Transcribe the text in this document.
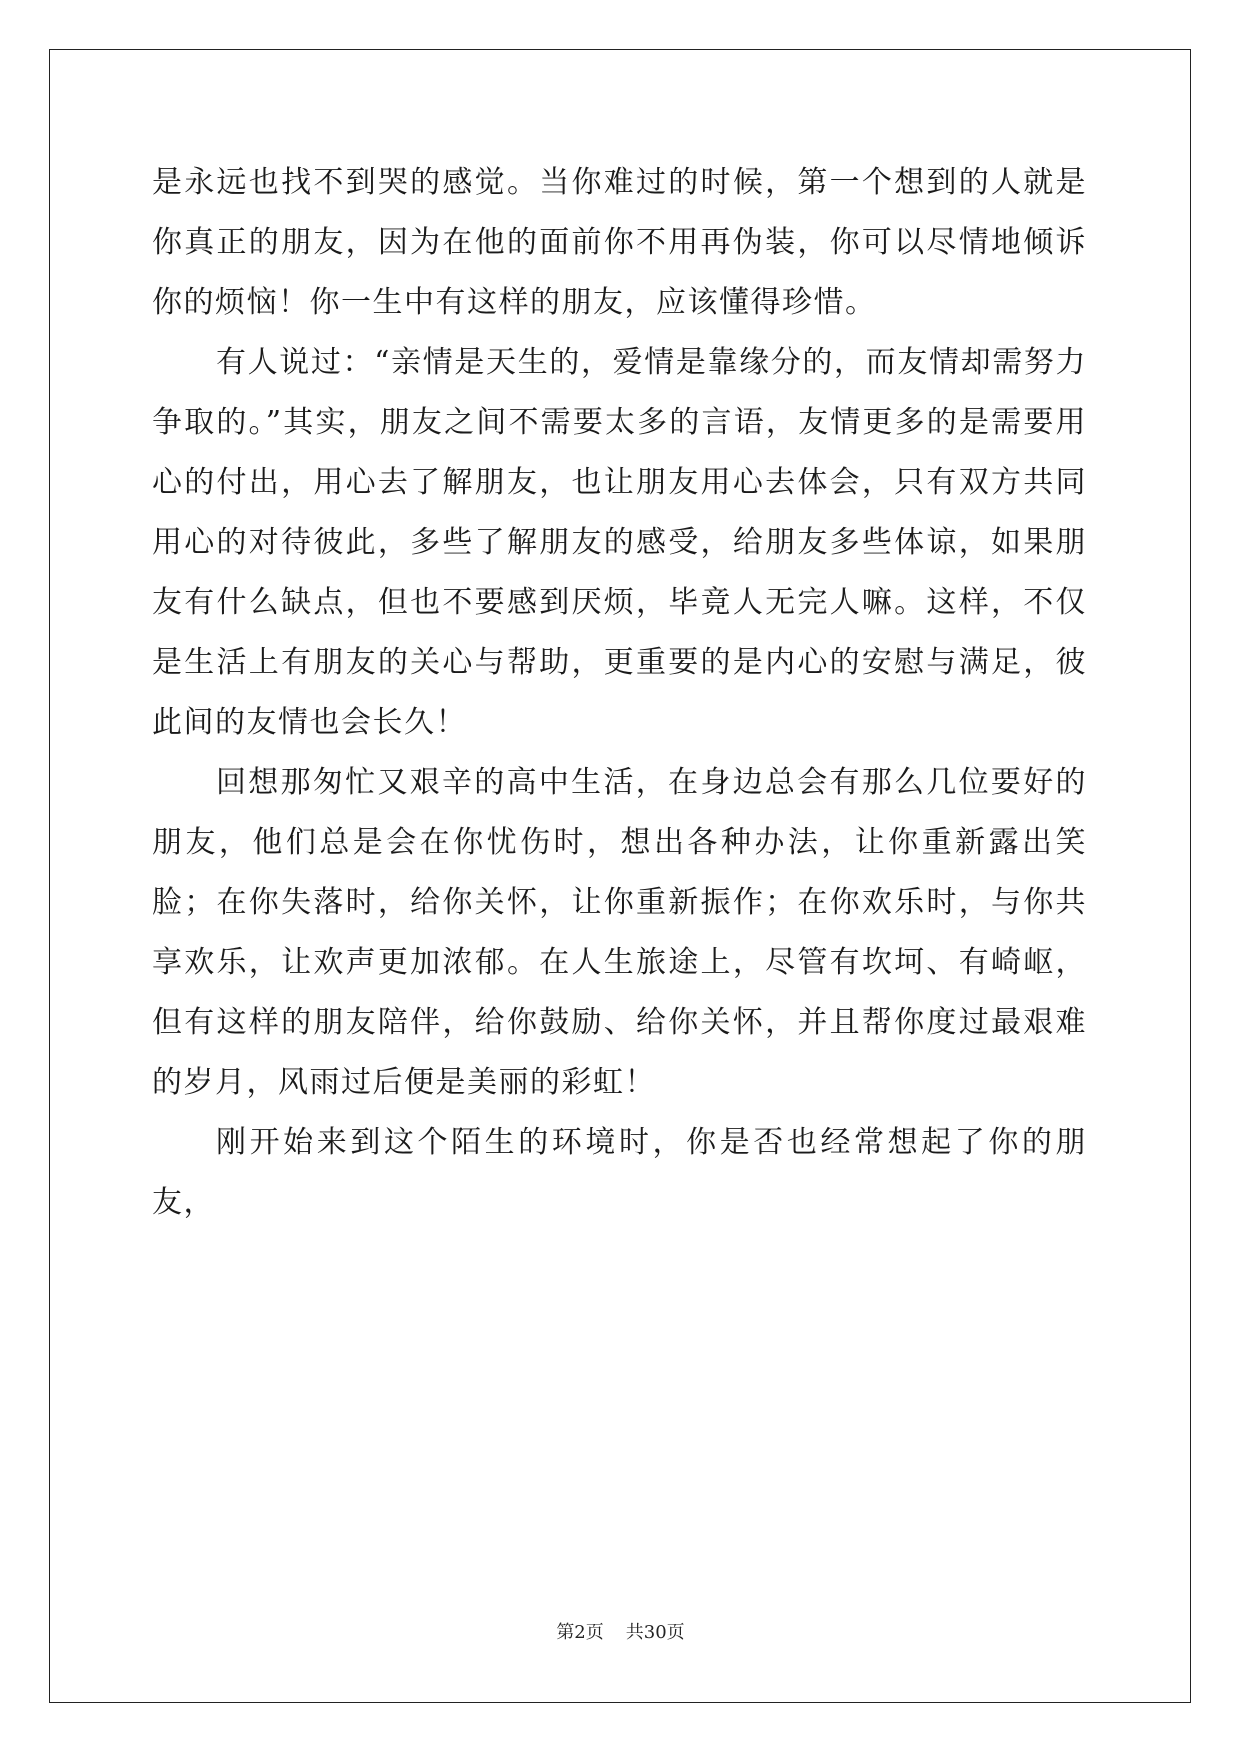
是永远也找不到哭的感觉。当你难过的时候，第一个想到的人就是你真正的朋友，因为在他的面前你不用再伪装，你可以尽情地倾诉你的烦恼！你一生中有这样的朋友，应该懂得珍惜。

有人说过：“亲情是天生的，爱情是靠缘分的，而友情却需努力争取的。”其实，朋友之间不需要太多的言语，友情更多的是需要用心的付出，用心去了解朋友，也让朋友用心去体会，只有双方共同用心的对待彼此，多些了解朋友的感受，给朋友多些体谅，如果朋友有什么缺点，但也不要感到厌烦，毕竟人无完人嘛。这样，不仅是生活上有朋友的关心与帮助，更重要的是内心的安慰与满足，彼此间的友情也会长久！

回想那匆忙又艰辛的高中生活，在身边总会有那么几位要好的朋友，他们总是会在你忧伤时，想出各种办法，让你重新露出笑脸；在你失落时，给你关怀，让你重新振作；在你欢乐时，与你共享欢乐，让欢声更加浓郁。在人生旅途上，尽管有坎坷、有崎岖，但有这样的朋友陪伴，给你鼓励、给你关怀，并且帮你度过最艰难的岁月，风雨过后便是美丽的彩虹！

刚开始来到这个陌生的环境时，你是否也经常想起了你的朋友，

第2页 共30页
